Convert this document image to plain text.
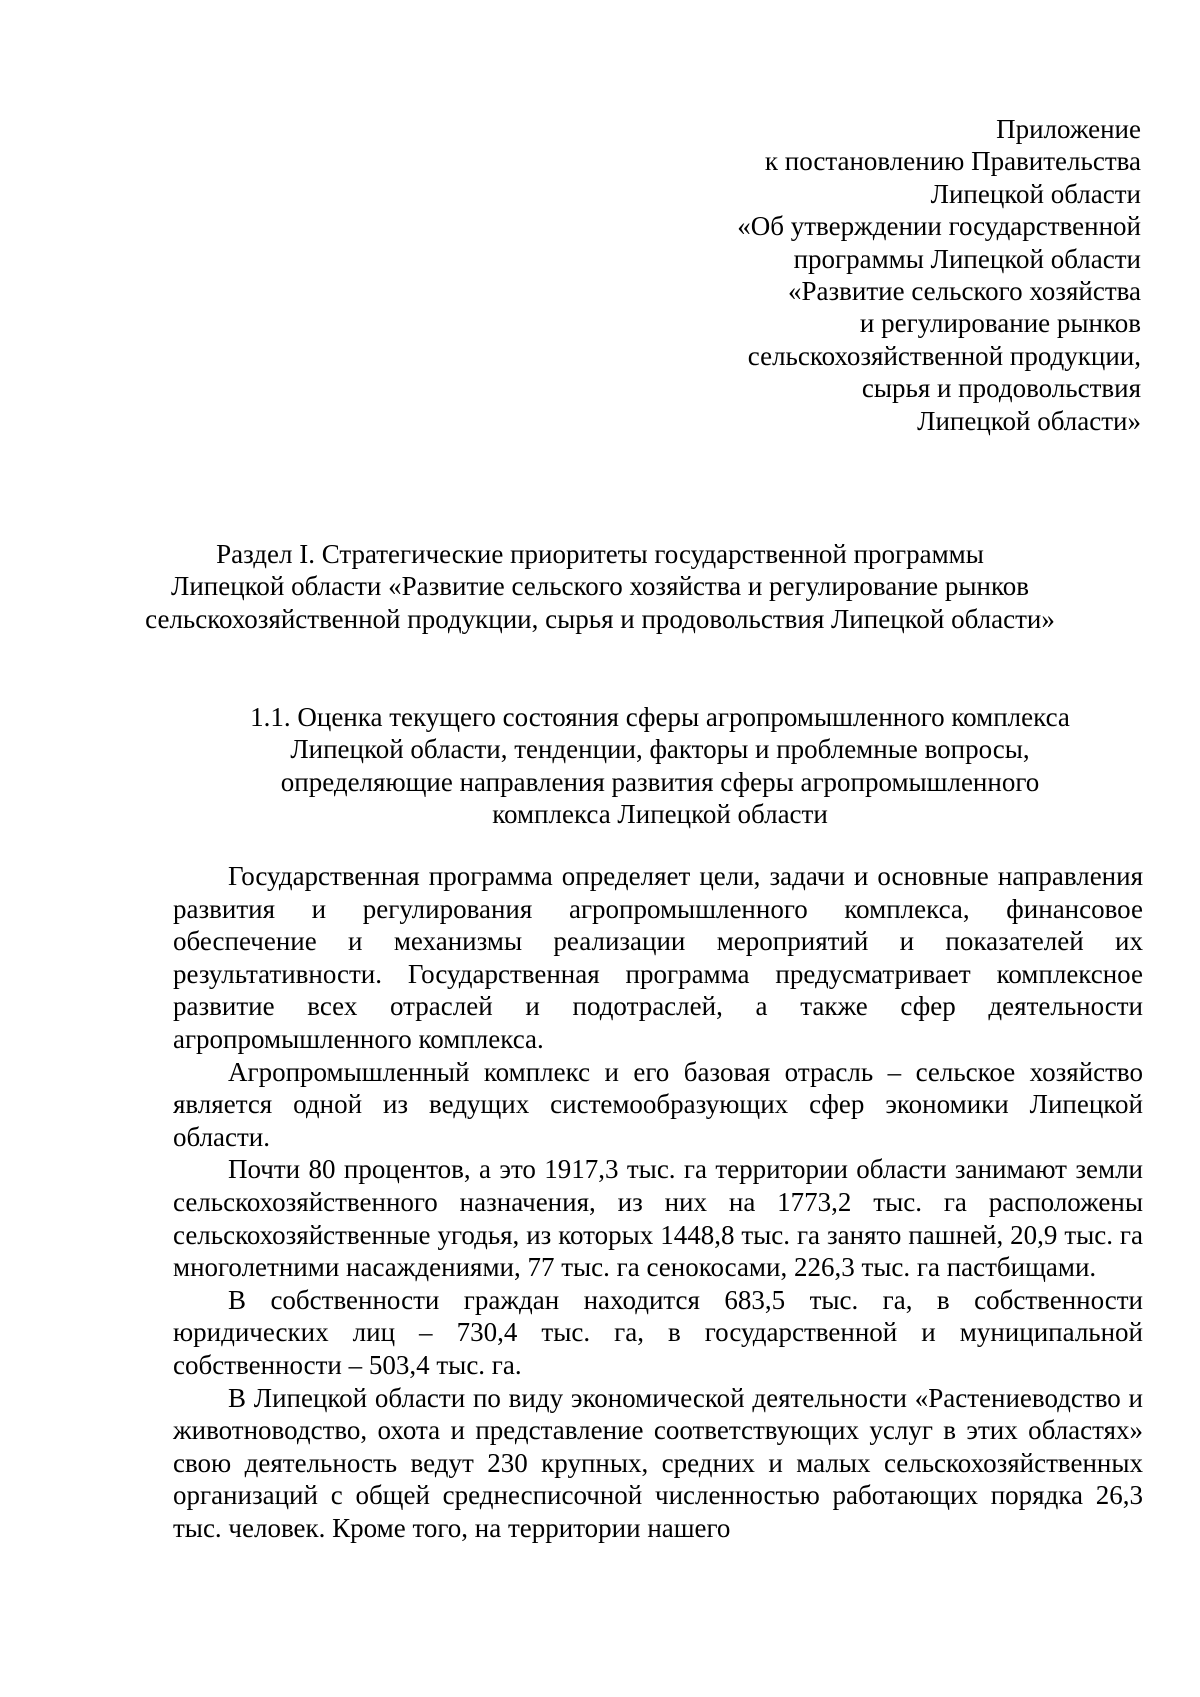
Приложение
к постановлению Правительства
Липецкой области
«Об утверждении государственной
программы Липецкой области
«Развитие сельского хозяйства
и регулирование рынков
сельскохозяйственной продукции,
сырья и продовольствия
Липецкой области»
Раздел I. Стратегические приоритеты государственной программы
Липецкой области «Развитие сельского хозяйства и регулирование рынков
сельскохозяйственной продукции, сырья и продовольствия Липецкой области»
1.1. Оценка текущего состояния сферы агропромышленного комплекса
Липецкой области, тенденции, факторы и проблемные вопросы,
определяющие направления развития сферы агропромышленного
комплекса Липецкой области

Государственная программа определяет цели, задачи и основные направления развития и регулирования агропромышленного комплекса, финансовое обеспечение и механизмы реализации мероприятий и показателей их результативности. Государственная программа предусматривает комплексное развитие всех отраслей и подотраслей, а также сфер деятельности агропромышленного комплекса.

Агропромышленный комплекс и его базовая отрасль – сельское хозяйство является одной из ведущих системообразующих сфер экономики Липецкой области.

Почти 80 процентов, а это 1917,3 тыс. га территории области занимают земли сельскохозяйственного назначения, из них на 1773,2 тыс. га расположены сельскохозяйственные угодья, из которых 1448,8 тыс. га занято пашней, 20,9 тыс. га многолетними насаждениями, 77 тыс. га сенокосами, 226,3 тыс. га пастбищами.

В собственности граждан находится 683,5 тыс. га, в собственности юридических лиц – 730,4 тыс. га, в государственной и муниципальной собственности – 503,4 тыс. га.

В Липецкой области по виду экономической деятельности «Растениеводство и животноводство, охота и представление соответствующих услуг в этих областях» свою деятельность ведут 230 крупных, средних и малых сельскохозяйственных организаций с общей среднесписочной численностью работающих порядка 26,3 тыс. человек. Кроме того, на территории нашего
